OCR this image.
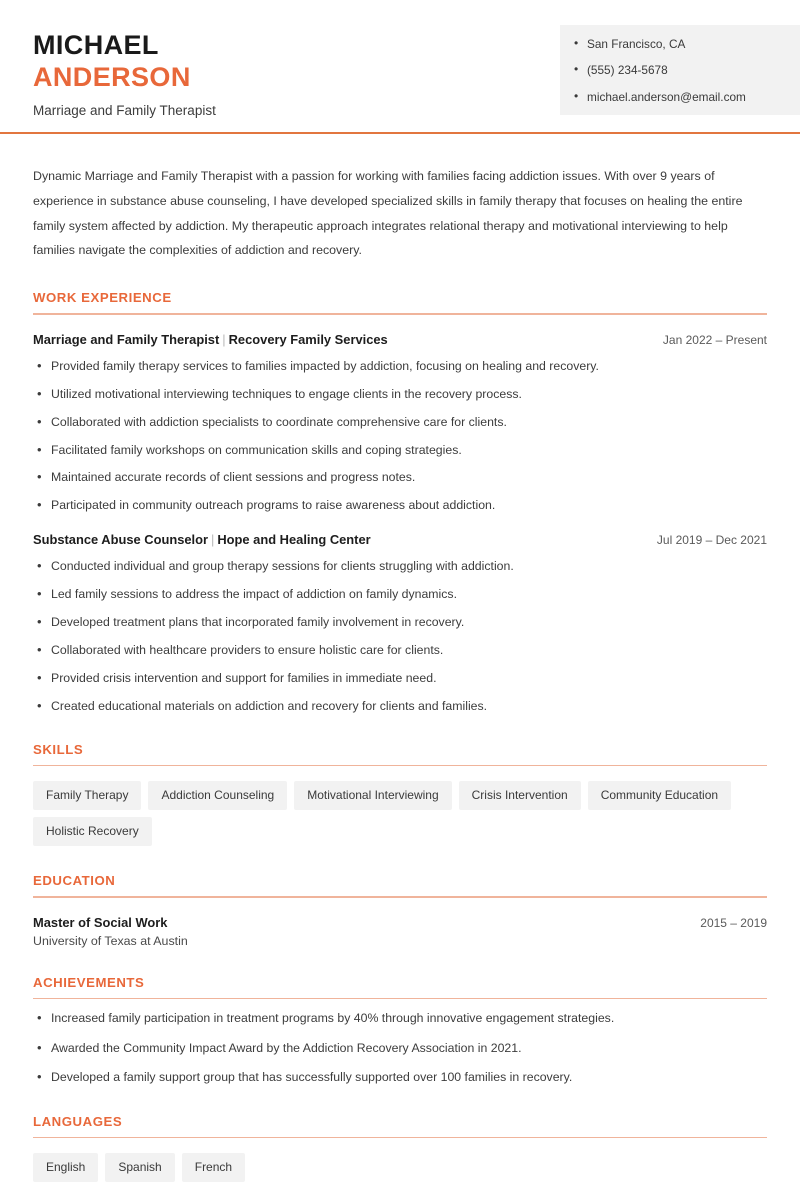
MICHAEL
ANDERSON
Marriage and Family Therapist
• San Francisco, CA
• (555) 234-5678
• michael.anderson@email.com
Dynamic Marriage and Family Therapist with a passion for working with families facing addiction issues. With over 9 years of experience in substance abuse counseling, I have developed specialized skills in family therapy that focuses on healing the entire family system affected by addiction. My therapeutic approach integrates relational therapy and motivational interviewing to help families navigate the complexities of addiction and recovery.
WORK EXPERIENCE
Marriage and Family Therapist | Recovery Family Services	Jan 2022 – Present
• Provided family therapy services to families impacted by addiction, focusing on healing and recovery.
• Utilized motivational interviewing techniques to engage clients in the recovery process.
• Collaborated with addiction specialists to coordinate comprehensive care for clients.
• Facilitated family workshops on communication skills and coping strategies.
• Maintained accurate records of client sessions and progress notes.
• Participated in community outreach programs to raise awareness about addiction.
Substance Abuse Counselor | Hope and Healing Center	Jul 2019 – Dec 2021
• Conducted individual and group therapy sessions for clients struggling with addiction.
• Led family sessions to address the impact of addiction on family dynamics.
• Developed treatment plans that incorporated family involvement in recovery.
• Collaborated with healthcare providers to ensure holistic care for clients.
• Provided crisis intervention and support for families in immediate need.
• Created educational materials on addiction and recovery for clients and families.
SKILLS
Family Therapy	Addiction Counseling	Motivational Interviewing	Crisis Intervention	Community Education
Holistic Recovery
EDUCATION
Master of Social Work	2015 – 2019
University of Texas at Austin
ACHIEVEMENTS
• Increased family participation in treatment programs by 40% through innovative engagement strategies.
• Awarded the Community Impact Award by the Addiction Recovery Association in 2021.
• Developed a family support group that has successfully supported over 100 families in recovery.
LANGUAGES
English	Spanish	French
